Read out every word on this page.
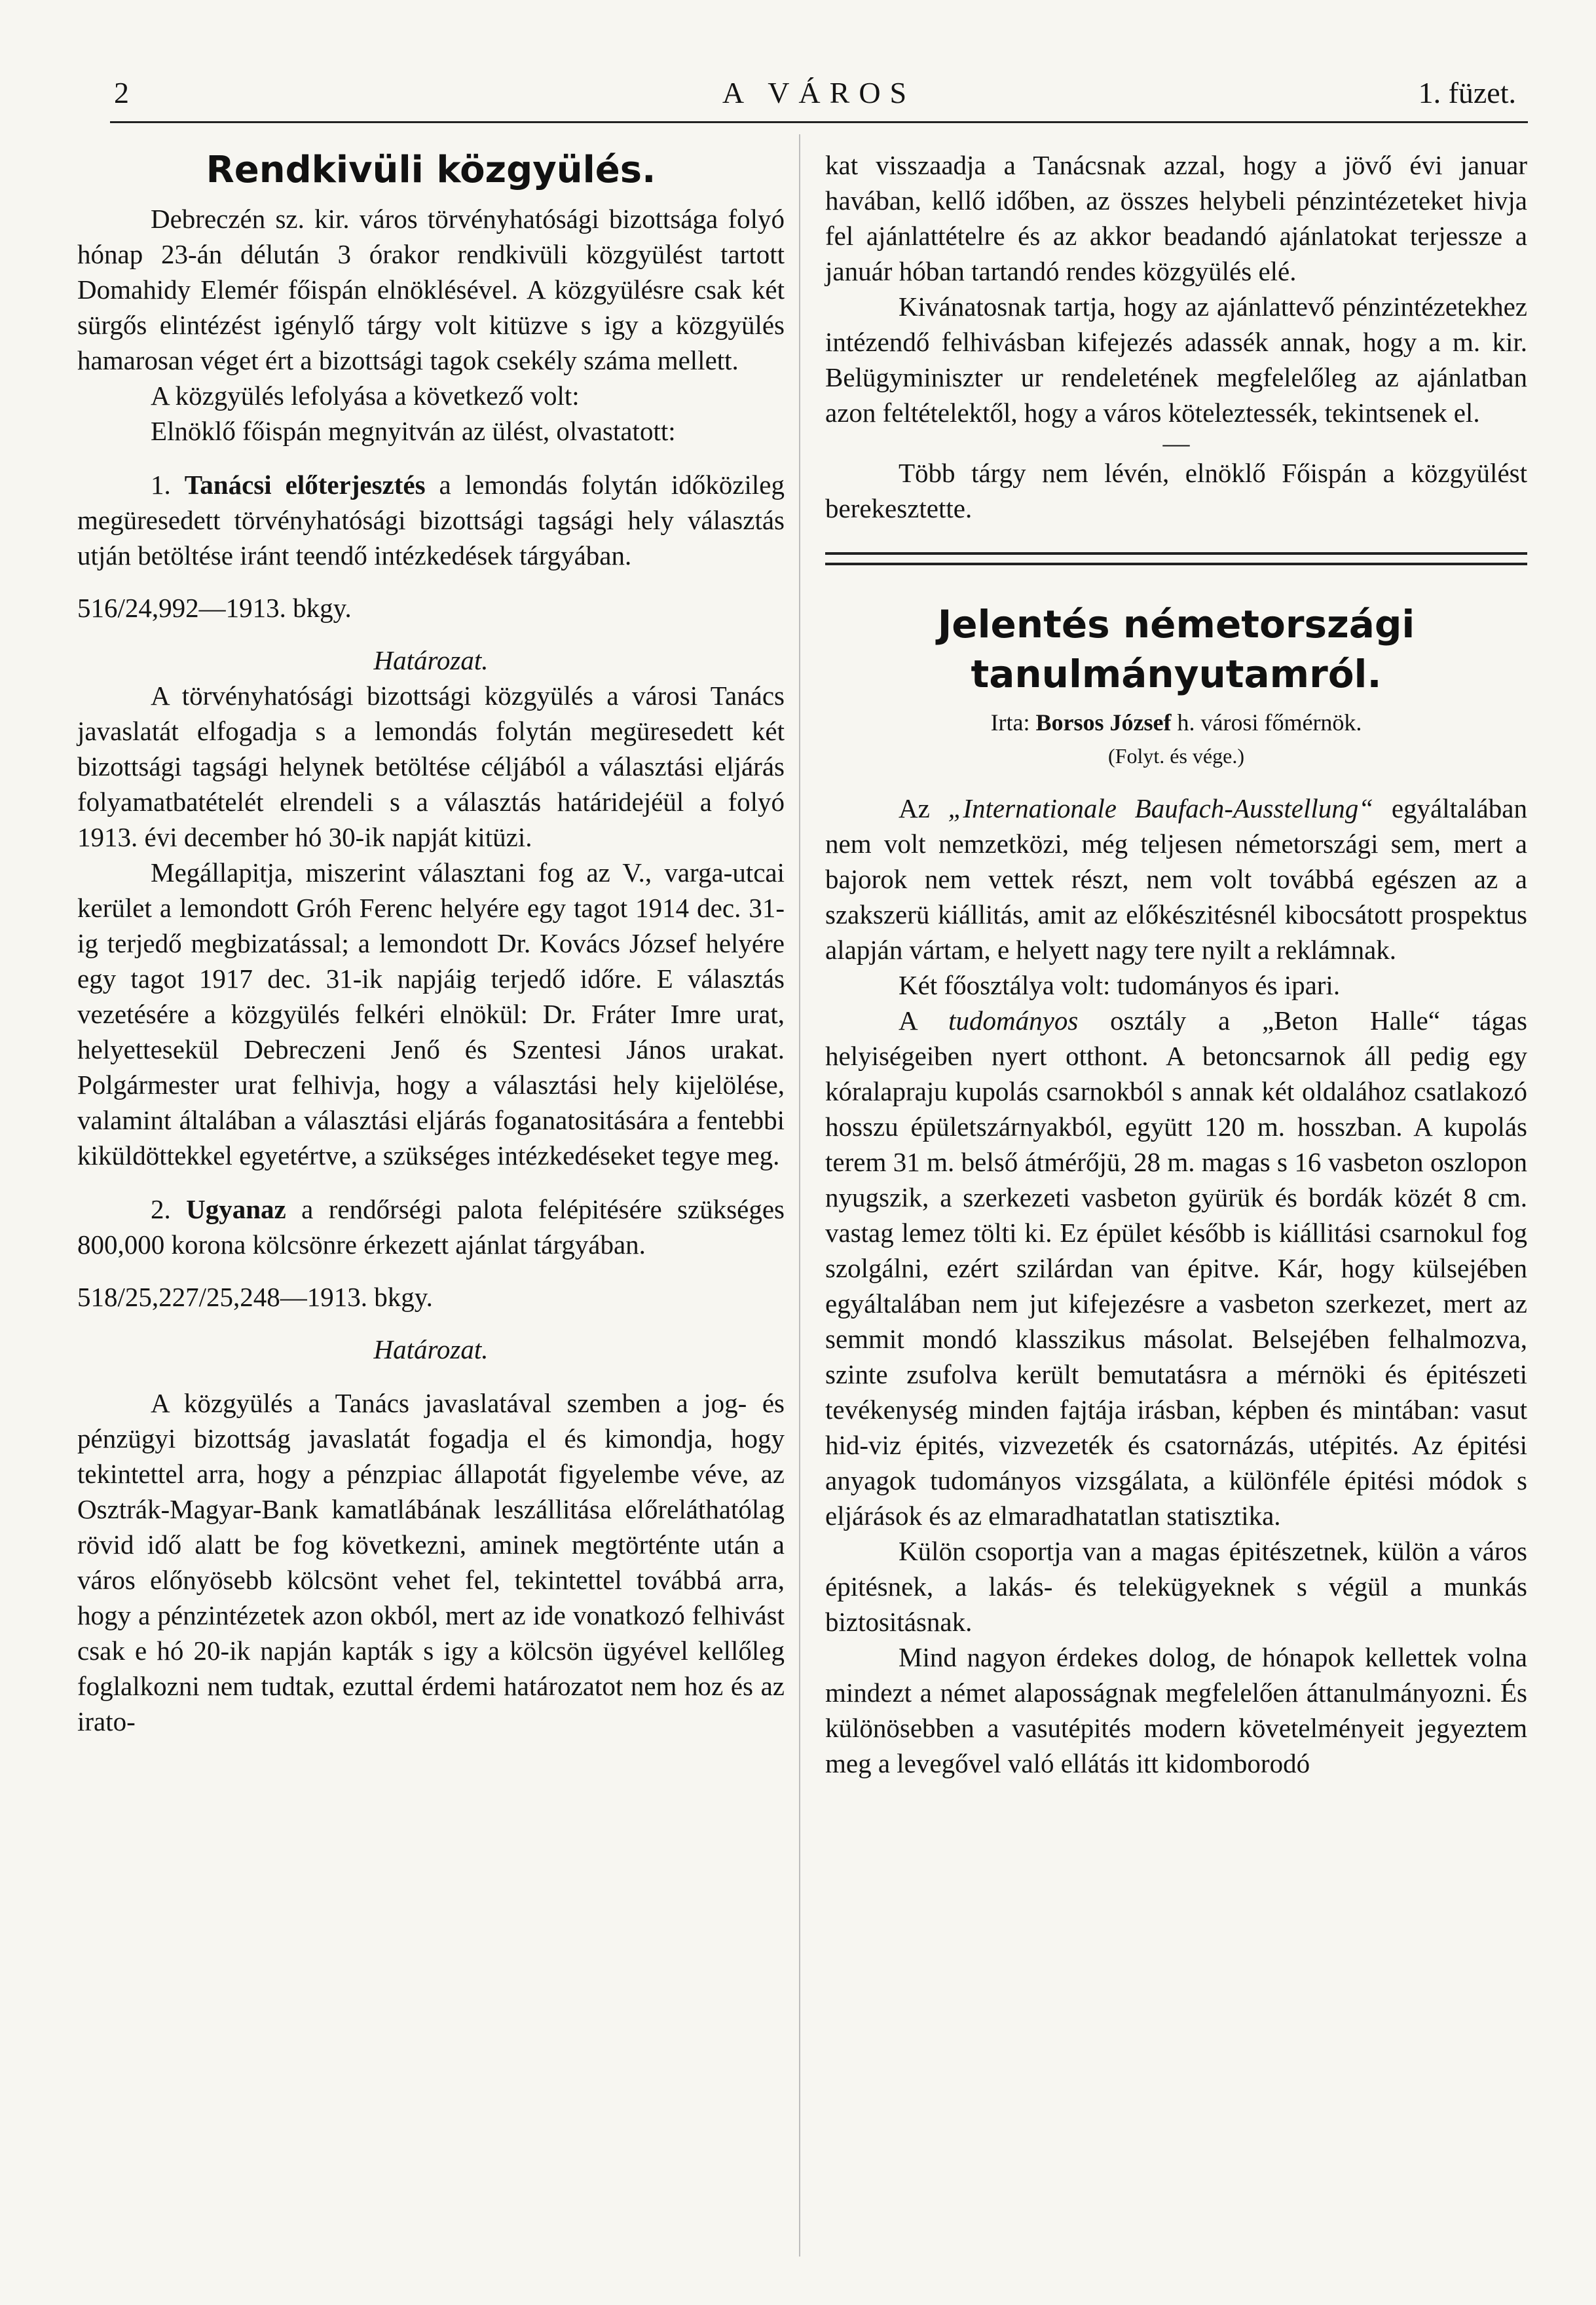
2	A VÁROS	1. füzet.
Rendkivüli közgyülés.

Debreczén sz. kir. város törvényhatósági bizottsága folyó hónap 23-án délután 3 órakor rendkivüli közgyülést tartott Domahidy Elemér főispán elnöklésével. A közgyülésre csak két sürgős elintézést igénylő tárgy volt kitüzve s igy a közgyülés hamarosan véget ért a bizottsági tagok csekély száma mellett.

A közgyülés lefolyása a következő volt:

Elnöklő főispán megnyitván az ülést, olvastatott:

1. Tanácsi előterjesztés a lemondás folytán időközileg megüresedett törvényhatósági bizottsági tagsági hely választás utján betöltése iránt teendő intézkedések tárgyában.

516/24,992—1913. bkgy.

Határozat.

A törvényhatósági bizottsági közgyülés a városi Tanács javaslatát elfogadja s a lemondás folytán megüresedett két bizottsági tagsági helynek betöltése céljából a választási eljárás folyamatbatételét elrendeli s a választás határidejéül a folyó 1913. évi december hó 30-ik napját kitüzi.

Megállapitja, miszerint választani fog az V., varga-utcai kerület a lemondott Gróh Ferenc helyére egy tagot 1914 dec. 31-ig terjedő megbizatással; a lemondott Dr. Kovács József helyére egy tagot 1917 dec. 31-ik napjáig terjedő időre. E választás vezetésére a közgyülés felkéri elnökül: Dr. Fráter Imre urat, helyettesekül Debreczeni Jenő és Szentesi János urakat. Polgármester urat felhivja, hogy a választási hely kijelölése, valamint általában a választási eljárás foganatositására a fentebbi kiküldöttekkel egyetértve, a szükséges intézkedéseket tegye meg.

2. Ugyanaz a rendőrségi palota felépitésére szükséges 800,000 korona kölcsönre érkezett ajánlat tárgyában.

518/25,227/25,248—1913. bkgy.

Határozat.

A közgyülés a Tanács javaslatával szemben a jog- és pénzügyi bizottság javaslatát fogadja el és kimondja, hogy tekintettel arra, hogy a pénzpiac állapotát figyelembe véve, az Osztrák-Magyar-Bank kamatlábának leszállitása előreláthatólag rövid idő alatt be fog következni, aminek megtörténte után a város előnyösebb kölcsönt vehet fel, tekintettel továbbá arra, hogy a pénzintézetek azon okból, mert az ide vonatkozó felhivást csak e hó 20-ik napján kapták s igy a kölcsön ügyével kellőleg foglalkozni nem tudtak, ezuttal érdemi határozatot nem hoz és az irato-

kat visszaadja a Tanácsnak azzal, hogy a jövő évi januar havában, kellő időben, az összes helybeli pénzintézeteket hivja fel ajánlattételre és az akkor beadandó ajánlatokat terjessze a január hóban tartandó rendes közgyülés elé.

Kivánatosnak tartja, hogy az ajánlattevő pénzintézetekhez intézendő felhivásban kifejezés adassék annak, hogy a m. kir. Belügyminiszter ur rendeletének megfelelőleg az ajánlatban azon feltételektől, hogy a város köteleztessék, tekintsenek el.

—

Több tárgy nem lévén, elnöklő Főispán a közgyülést berekesztette.

Jelentés németországi tanulmányutamról.

Irta: Borsos József h. városi főmérnök.

(Folyt. és vége.)

Az „Internationale Baufach-Ausstellung“ egyáltalában nem volt nemzetközi, még teljesen németországi sem, mert a bajorok nem vettek részt, nem volt továbbá egészen az a szakszerü kiállitás, amit az előkészitésnél kibocsátott prospektus alapján vártam, e helyett nagy tere nyilt a reklámnak.

Két főosztálya volt: tudományos és ipari.

A tudományos osztály a „Beton Halle“ tágas helyiségeiben nyert otthont. A betoncsarnok áll pedig egy kóralapraju kupolás csarnokból s annak két oldalához csatlakozó hosszu épületszárnyakból, együtt 120 m. hosszban. A kupolás terem 31 m. belső átmérőjü, 28 m. magas s 16 vasbeton oszlopon nyugszik, a szerkezeti vasbeton gyürük és bordák közét 8 cm. vastag lemez tölti ki. Ez épület később is kiállitási csarnokul fog szolgálni, ezért szilárdan van épitve. Kár, hogy külsejében egyáltalában nem jut kifejezésre a vasbeton szerkezet, mert az semmit mondó klasszikus másolat. Belsejében felhalmozva, szinte zsufolva került bemutatásra a mérnöki és épitészeti tevékenység minden fajtája irásban, képben és mintában: vasut hid-viz épités, vizvezeték és csatornázás, utépités. Az épitési anyagok tudományos vizsgálata, a különféle épitési módok s eljárások és az elmaradhatatlan statisztika.

Külön csoportja van a magas épitészetnek, külön a város épitésnek, a lakás- és telekügyeknek s végül a munkás biztositásnak.

Mind nagyon érdekes dolog, de hónapok kellettek volna mindezt a német alaposságnak megfelelően áttanulmányozni. És különösebben a vasutépités modern követelményeit jegyeztem meg a levegővel való ellátás itt kidomborodó
